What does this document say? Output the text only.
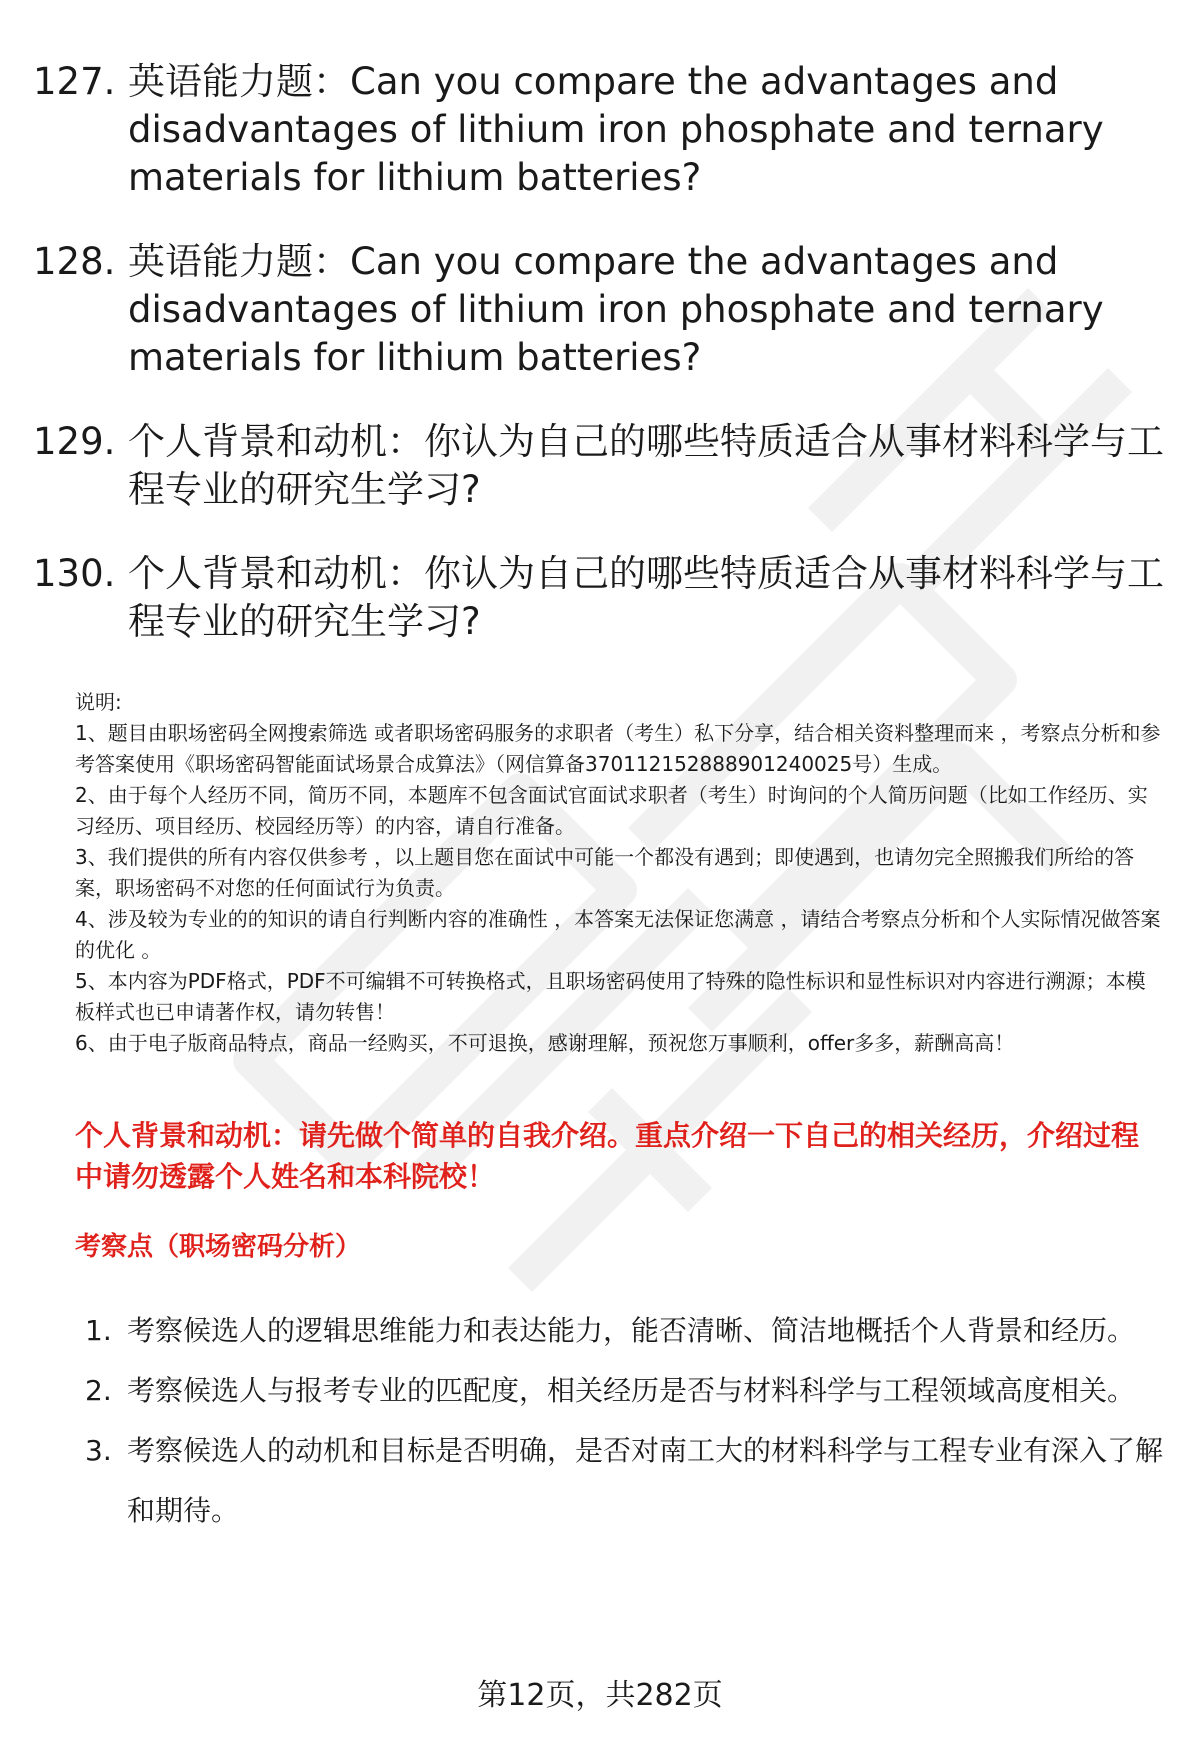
127. 英语能力题：Can you compare the advantages and disadvantages of lithium iron phosphate and ternary materials for lithium batteries?
128. 英语能力题：Can you compare the advantages and disadvantages of lithium iron phosphate and ternary materials for lithium batteries?
129. 个人背景和动机：你认为自己的哪些特质适合从事材料科学与工程专业的研究生学习?
130. 个人背景和动机：你认为自己的哪些特质适合从事材料科学与工程专业的研究生学习?

说明:

1、题目由职场密码全网搜索筛选 或者职场密码服务的求职者（考生）私下分享，结合相关资料整理而来 ，考察点分析和参考答案使用《职场密码智能面试场景合成算法》（网信算备370112152888901240025号）生成。

2、由于每个人经历不同，简历不同，本题库不包含面试官面试求职者（考生）时询问的个人简历问题（比如工作经历、实习经历、项目经历、校园经历等）的内容，请自行准备。

3、我们提供的所有内容仅供参考 ，以上题目您在面试中可能一个都没有遇到；即使遇到，也请勿完全照搬我们所给的答案，职场密码不对您的任何面试行为负责。

4、涉及较为专业的的知识的请自行判断内容的准确性 ，本答案无法保证您满意 ，请结合考察点分析和个人实际情况做答案的优化 。

5、本内容为PDF格式，PDF不可编辑不可转换格式，且职场密码使用了特殊的隐性标识和显性标识对内容进行溯源；本模板样式也已申请著作权，请勿转售！

6、由于电子版商品特点，商品一经购买，不可退换，感谢理解，预祝您万事顺利，offer多多，薪酬高高！

个人背景和动机：请先做个简单的自我介绍。重点介绍一下自己的相关经历，介绍过程中请勿透露个人姓名和本科院校！
考察点（职场密码分析）
1. 考察候选人的逻辑思维能力和表达能力，能否清晰、简洁地概括个人背景和经历。
2. 考察候选人与报考专业的匹配度，相关经历是否与材料科学与工程领域高度相关。
3. 考察候选人的动机和目标是否明确，是否对南工大的材料科学与工程专业有深入了解和期待。
第12页，共282页
